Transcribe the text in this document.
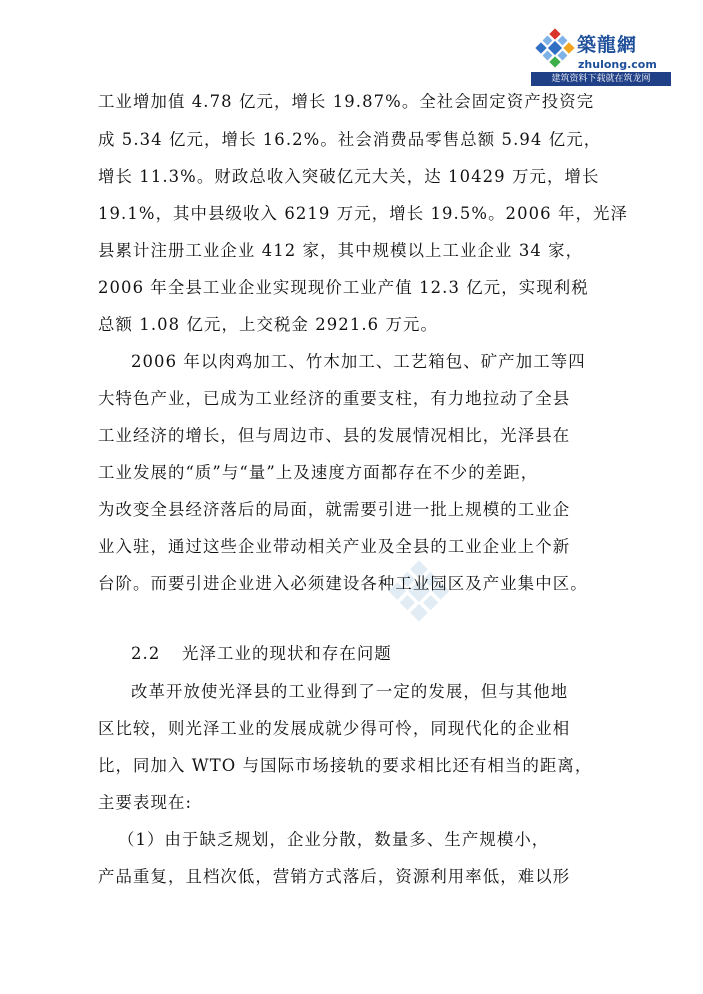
築龍網
zhulong.com
建筑资料下载就在筑龙网
工业增加值 4.78 亿元，增长 19.87%。全社会固定资产投资完
成 5.34 亿元，增长 16.2%。社会消费品零售总额 5.94 亿元，
增长 11.3%。财政总收入突破亿元大关，达 10429 万元，增长
19.1%，其中县级收入 6219 万元，增长 19.5%。2006 年，光泽
县累计注册工业企业 412 家，其中规模以上工业企业 34 家，
2006 年全县工业企业实现现价工业产值 12.3 亿元，实现利税
总额 1.08 亿元，上交税金 2921.6 万元。
2006 年以肉鸡加工、竹木加工、工艺箱包、矿产加工等四
大特色产业，已成为工业经济的重要支柱，有力地拉动了全县
工业经济的增长，但与周边市、县的发展情况相比，光泽县在
工业发展的“质”与“量”上及速度方面都存在不少的差距，
为改变全县经济落后的局面，就需要引进一批上规模的工业企
业入驻，通过这些企业带动相关产业及全县的工业企业上个新
台阶。而要引进企业进入必须建设各种工业园区及产业集中区。
2.2	光泽工业的现状和存在问题
改革开放使光泽县的工业得到了一定的发展，但与其他地
区比较，则光泽工业的发展成就少得可怜，同现代化的企业相
比，同加入 WTO 与国际市场接轨的要求相比还有相当的距离，
主要表现在:
（1）由于缺乏规划，企业分散，数量多、生产规模小，
产品重复，且档次低，营销方式落后，资源利用率低，难以形
